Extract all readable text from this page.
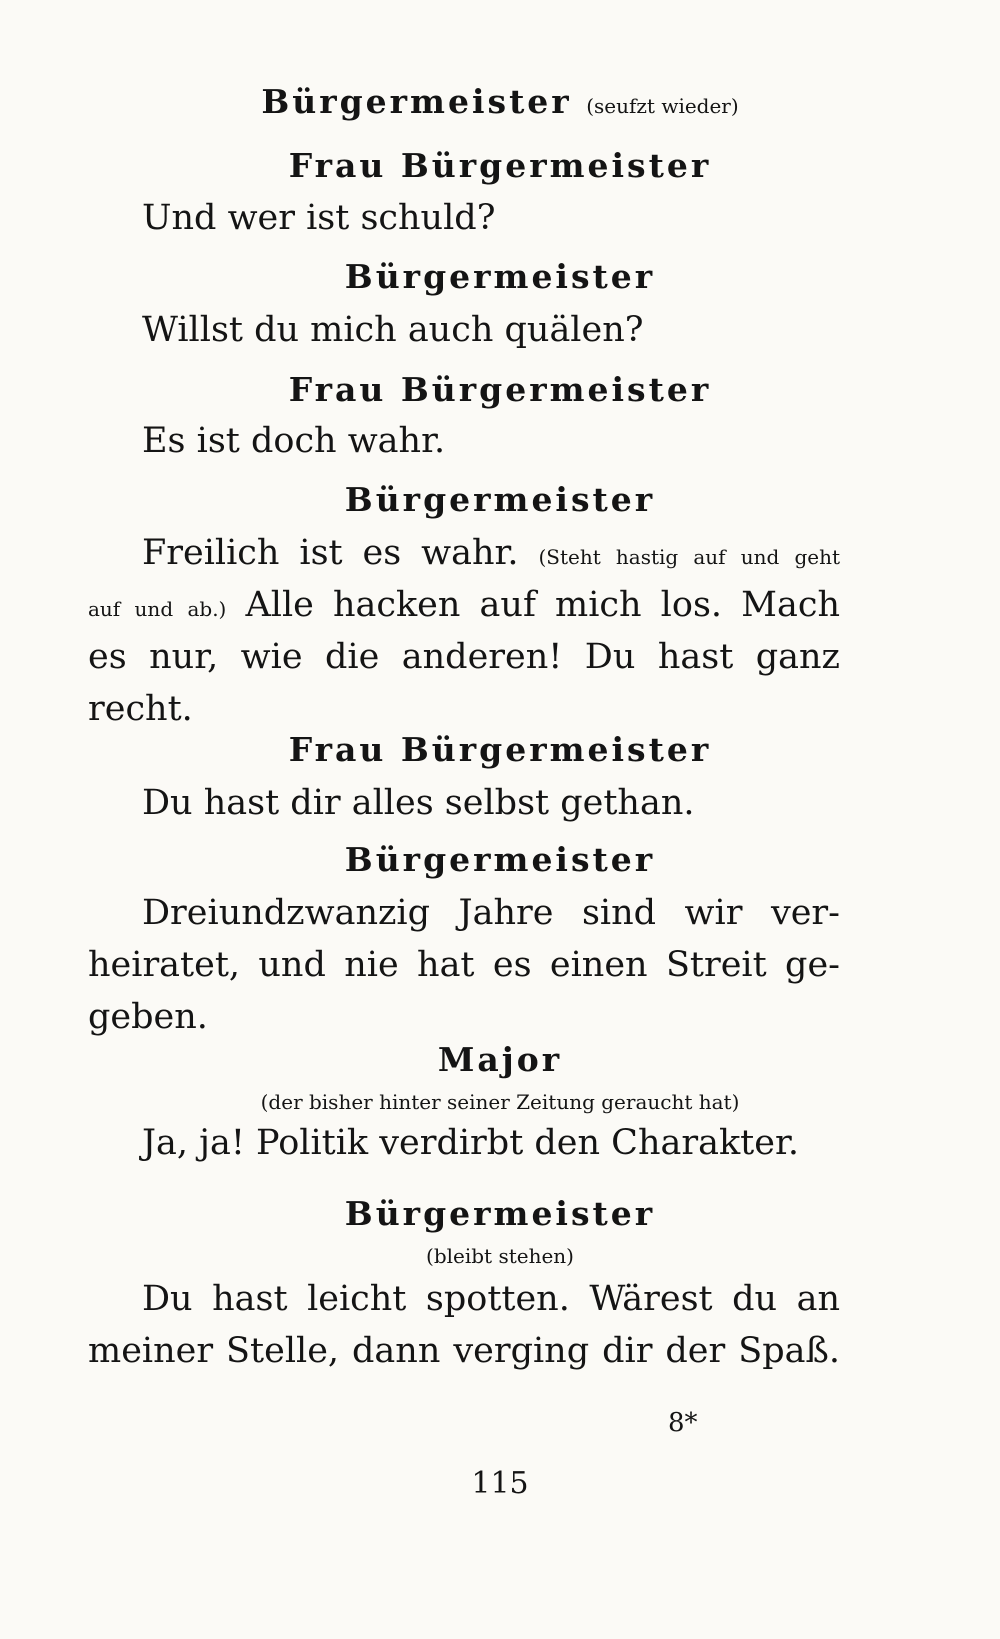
Bürgermeister (seufzt wieder)
Frau Bürgermeister
Und wer ist schuld?
Bürgermeister
Willst du mich auch quälen?
Frau Bürgermeister
Es ist doch wahr.
Bürgermeister
Freilich ist es wahr. (Steht hastig auf und geht
auf und ab.) Alle hacken auf mich los. Mach
es nur, wie die anderen! Du hast ganz
recht.
Frau Bürgermeister
Du hast dir alles selbst gethan.
Bürgermeister
Dreiundzwanzig Jahre sind wir ver-
heiratet, und nie hat es einen Streit ge-
geben.
Major
(der bisher hinter seiner Zeitung geraucht hat)
Ja, ja! Politik verdirbt den Charakter.
Bürgermeister
(bleibt stehen)
Du hast leicht spotten. Wärest du an
meiner Stelle, dann verging dir der Spaß.
8*
115
